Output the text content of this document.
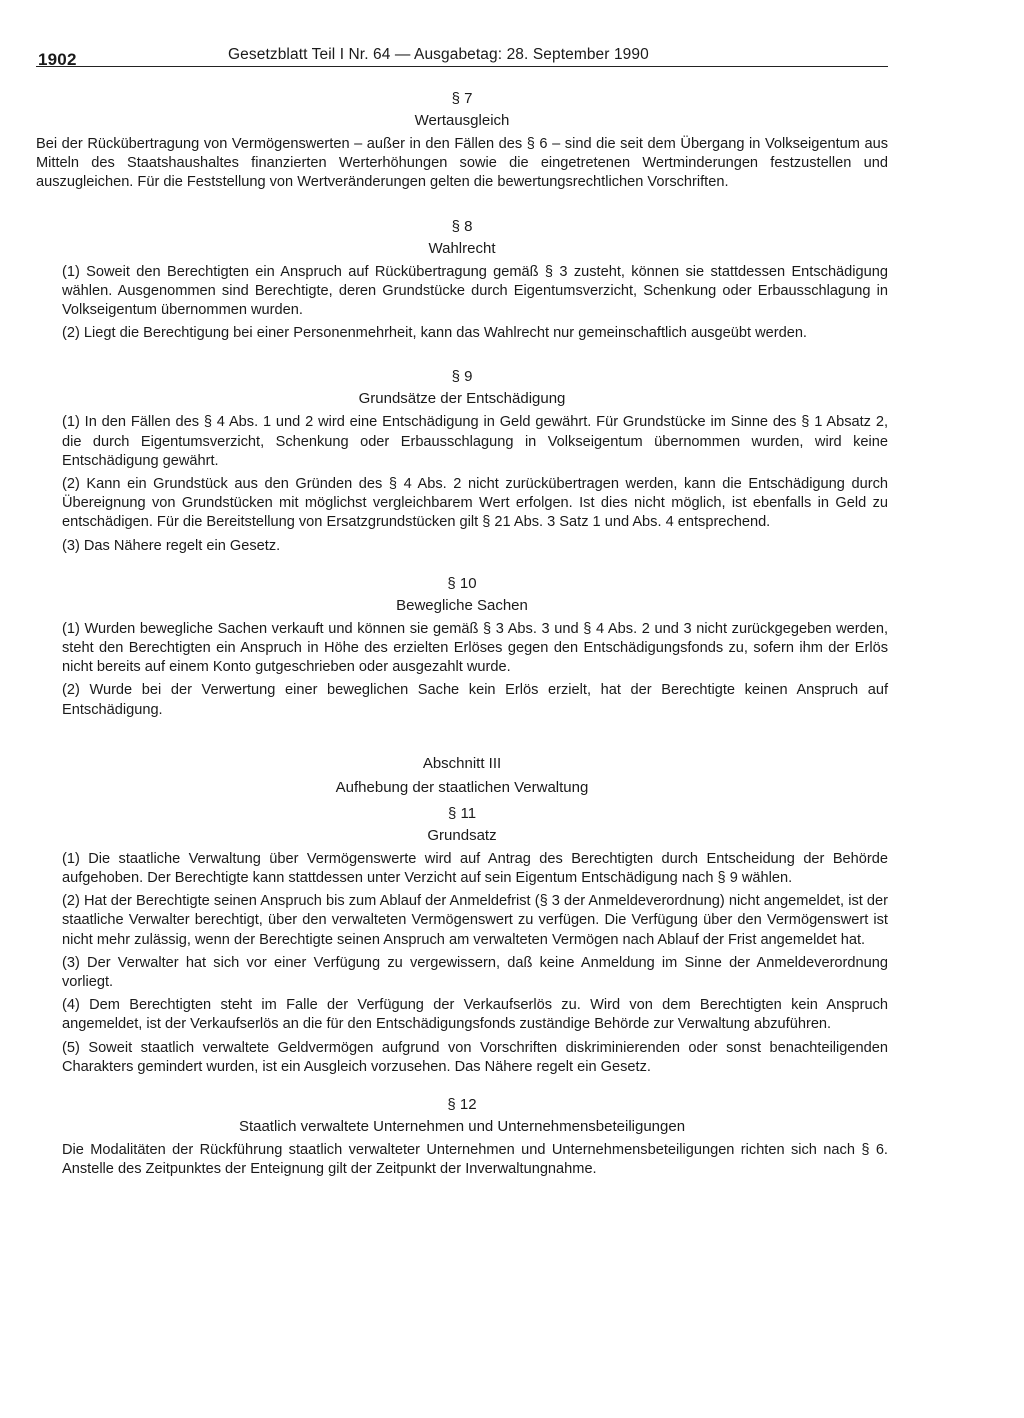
1902	Gesetzblatt Teil I Nr. 64 — Ausgabetag: 28. September 1990
§ 7
Wertausgleich

Bei der Rückübertragung von Vermögenswerten – außer in den Fällen des § 6 – sind die seit dem Übergang in Volkseigentum aus Mitteln des Staatshaushaltes finanzierten Werterhöhungen sowie die eingetretenen Wertminderungen festzustellen und auszugleichen. Für die Feststellung von Wertveränderungen gelten die bewertungsrechtlichen Vorschriften.

§ 8
Wahlrecht

(1) Soweit den Berechtigten ein Anspruch auf Rückübertragung gemäß § 3 zusteht, können sie stattdessen Entschädigung wählen. Ausgenommen sind Berechtigte, deren Grundstücke durch Eigentumsverzicht, Schenkung oder Erbausschlagung in Volkseigentum übernommen wurden.

(2) Liegt die Berechtigung bei einer Personenmehrheit, kann das Wahlrecht nur gemeinschaftlich ausgeübt werden.

§ 9
Grundsätze der Entschädigung

(1) In den Fällen des § 4 Abs. 1 und 2 wird eine Entschädigung in Geld gewährt. Für Grundstücke im Sinne des § 1 Absatz 2, die durch Eigentumsverzicht, Schenkung oder Erbausschlagung in Volkseigentum übernommen wurden, wird keine Entschädigung gewährt.

(2) Kann ein Grundstück aus den Gründen des § 4 Abs. 2 nicht zurückübertragen werden, kann die Entschädigung durch Übereignung von Grundstücken mit möglichst vergleichbarem Wert erfolgen. Ist dies nicht möglich, ist ebenfalls in Geld zu entschädigen. Für die Bereitstellung von Ersatzgrundstücken gilt § 21 Abs. 3 Satz 1 und Abs. 4 entsprechend.

(3) Das Nähere regelt ein Gesetz.

§ 10
Bewegliche Sachen

(1) Wurden bewegliche Sachen verkauft und können sie gemäß § 3 Abs. 3 und § 4 Abs. 2 und 3 nicht zurückgegeben werden, steht den Berechtigten ein Anspruch in Höhe des erzielten Erlöses gegen den Entschädigungsfonds zu, sofern ihm der Erlös nicht bereits auf einem Konto gutgeschrieben oder ausgezahlt wurde.

(2) Wurde bei der Verwertung einer beweglichen Sache kein Erlös erzielt, hat der Berechtigte keinen Anspruch auf Entschädigung.

Abschnitt III
Aufhebung der staatlichen Verwaltung
§ 11
Grundsatz

(1) Die staatliche Verwaltung über Vermögenswerte wird auf Antrag des Berechtigten durch Entscheidung der Behörde aufgehoben. Der Berechtigte kann stattdessen unter Verzicht auf sein Eigentum Entschädigung nach § 9 wählen.

(2) Hat der Berechtigte seinen Anspruch bis zum Ablauf der Anmeldefrist (§ 3 der Anmeldeverordnung) nicht angemeldet, ist der staatliche Verwalter berechtigt, über den verwalteten Vermögenswert zu verfügen. Die Verfügung über den Vermögenswert ist nicht mehr zulässig, wenn der Berechtigte seinen Anspruch am verwalteten Vermögen nach Ablauf der Frist angemeldet hat.

(3) Der Verwalter hat sich vor einer Verfügung zu vergewissern, daß keine Anmeldung im Sinne der Anmeldeverordnung vorliegt.

(4) Dem Berechtigten steht im Falle der Verfügung der Verkaufserlös zu. Wird von dem Berechtigten kein Anspruch angemeldet, ist der Verkaufserlös an die für den Entschädigungsfonds zuständige Behörde zur Verwaltung abzuführen.

(5) Soweit staatlich verwaltete Geldvermögen aufgrund von Vorschriften diskriminierenden oder sonst benachteiligenden Charakters gemindert wurden, ist ein Ausgleich vorzusehen. Das Nähere regelt ein Gesetz.

§ 12
Staatlich verwaltete Unternehmen und Unternehmensbeteiligungen

Die Modalitäten der Rückführung staatlich verwalteter Unternehmen und Unternehmensbeteiligungen richten sich nach § 6. Anstelle des Zeitpunktes der Enteignung gilt der Zeitpunkt der Inverwaltungnahme.
